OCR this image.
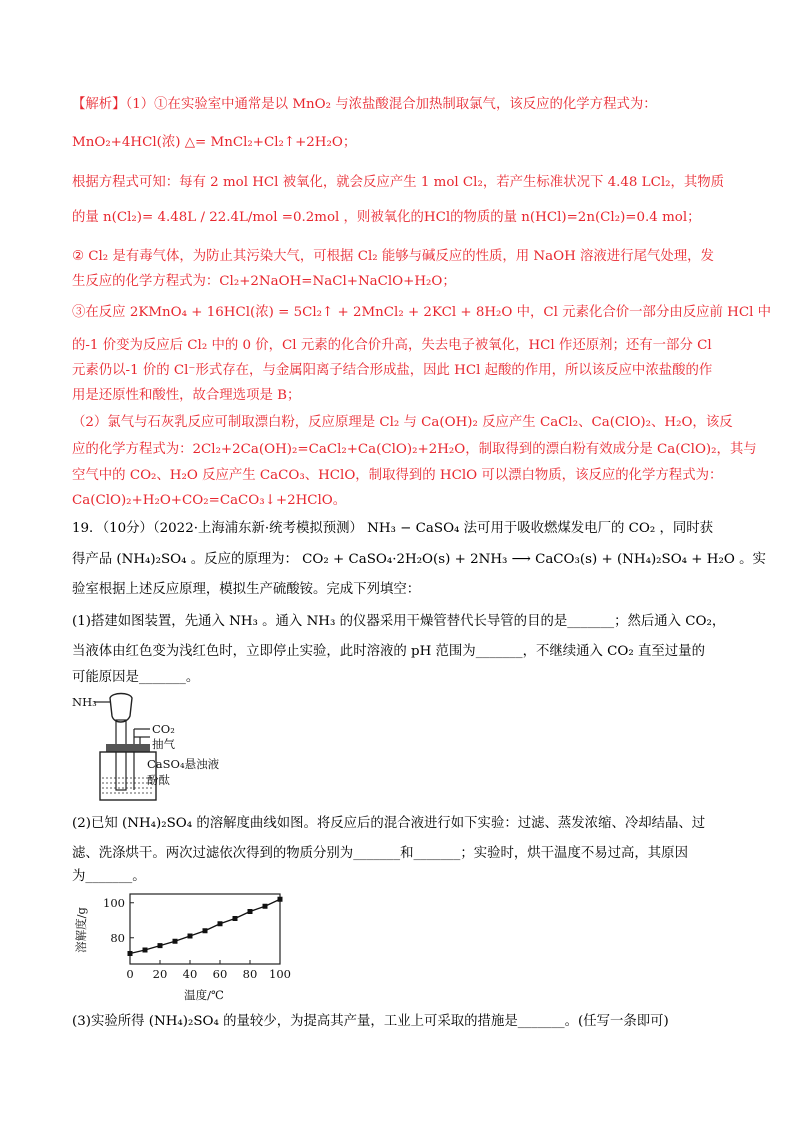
【解析】（1）①在实验室中通常是以 MnO₂ 与浓盐酸混合加热制取氯气，该反应的化学方程式为：
MnO₂+4HCl(浓) △= MnCl₂+Cl₂↑+2H₂O；
根据方程式可知：每有 2 mol HCl 被氧化，就会反应产生 1 mol Cl₂，若产生标准状况下 4.48 LCl₂，其物质
的量 n(Cl₂)= 4.48L / 22.4L/mol =0.2mol ，则被氧化的HCl的物质的量 n(HCl)=2n(Cl₂)=0.4 mol；
② Cl₂ 是有毒气体，为防止其污染大气，可根据 Cl₂ 能够与碱反应的性质，用 NaOH 溶液进行尾气处理，发
生反应的化学方程式为：Cl₂+2NaOH=NaCl+NaClO+H₂O；
③在反应 2KMnO₄ + 16HCl(浓) = 5Cl₂↑ + 2MnCl₂ + 2KCl + 8H₂O 中，Cl 元素化合价一部分由反应前 HCl 中
的-1 价变为反应后 Cl₂ 中的 0 价，Cl 元素的化合价升高，失去电子被氧化，HCl 作还原剂；还有一部分 Cl
元素仍以-1 价的 Cl⁻形式存在，与金属阳离子结合形成盐，因此 HCl 起酸的作用，所以该反应中浓盐酸的作
用是还原性和酸性，故合理选项是 B；
（2）氯气与石灰乳反应可制取漂白粉，反应原理是 Cl₂ 与 Ca(OH)₂ 反应产生 CaCl₂、Ca(ClO)₂、H₂O，该反
应的化学方程式为：2Cl₂+2Ca(OH)₂=CaCl₂+Ca(ClO)₂+2H₂O，制取得到的漂白粉有效成分是 Ca(ClO)₂，其与
空气中的 CO₂、H₂O 反应产生 CaCO₃、HClO，制取得到的 HClO 可以漂白物质，该反应的化学方程式为：
Ca(ClO)₂+H₂O+CO₂=CaCO₃↓+2HClO。
19．（10分）（2022·上海浦东新·统考模拟预测） NH₃ − CaSO₄ 法可用于吸收燃煤发电厂的 CO₂ ，同时获
得产品 (NH₄)₂SO₄ 。反应的原理为： CO₂ + CaSO₄·2H₂O(s) + 2NH₃ ⟶ CaCO₃(s) + (NH₄)₂SO₄ + H₂O 。实
验室根据上述反应原理，模拟生产硫酸铵。完成下列填空：
(1)搭建如图装置，先通入 NH₃ 。通入 NH₃ 的仪器采用干燥管替代长导管的目的是_______；然后通入 CO₂，
当液体由红色变为浅红色时，立即停止实验，此时溶液的 pH 范围为_______，不继续通入 CO₂ 直至过量的
可能原因是_______。
NH₃
CO₂
抽气
CaSO₄悬浊液
酚酞
(2)已知 (NH₄)₂SO₄ 的溶解度曲线如图。将反应后的混合液进行如下实验：过滤、蒸发浓缩、冷却结晶、过
滤、洗涤烘干。两次过滤依次得到的物质分别为_______和_______；实验时，烘干温度不易过高，其原因
为_______。
溶解度/g
温度/℃
0 20 40 60 80 100
80
100
(3)实验所得 (NH₄)₂SO₄ 的量较少，为提高其产量，工业上可采取的措施是_______。(任写一条即可)
